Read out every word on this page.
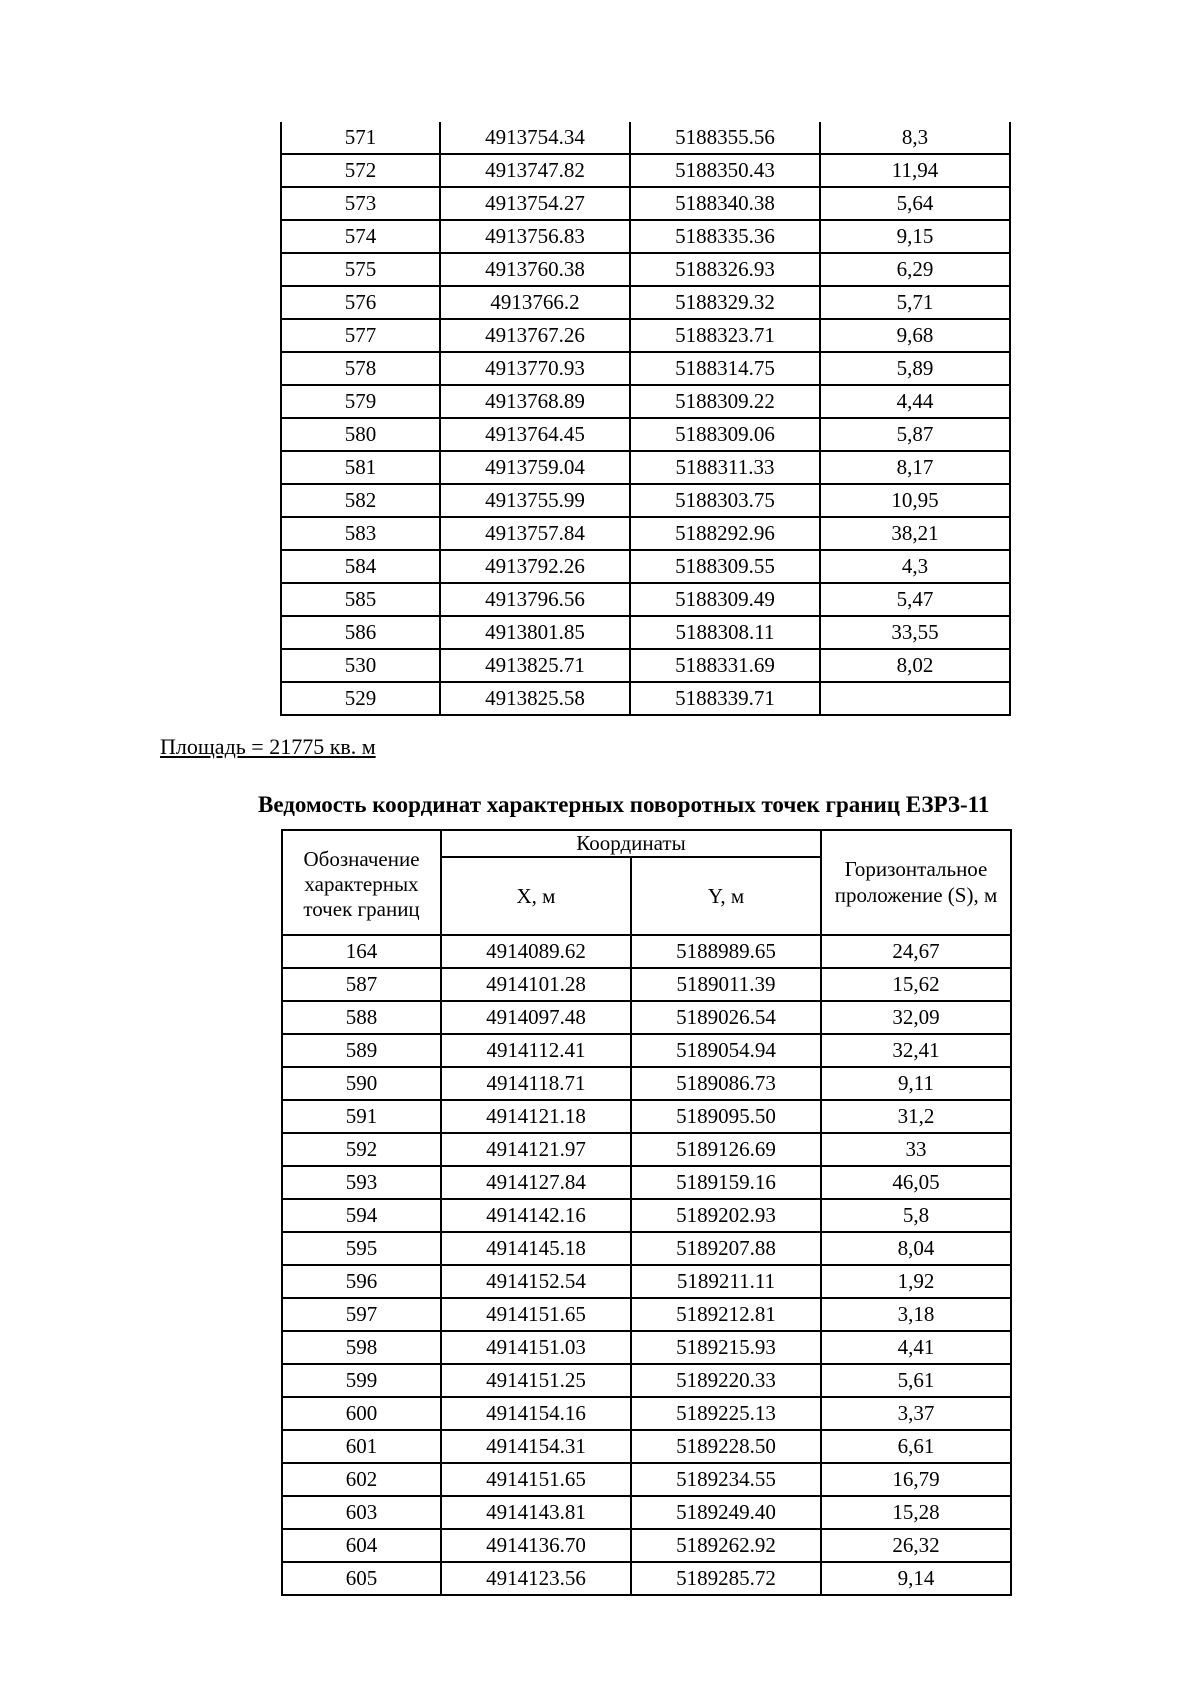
571	4913754.34	5188355.56	8,3
572	4913747.82	5188350.43	11,94
573	4913754.27	5188340.38	5,64
574	4913756.83	5188335.36	9,15
575	4913760.38	5188326.93	6,29
576	4913766.2	5188329.32	5,71
577	4913767.26	5188323.71	9,68
578	4913770.93	5188314.75	5,89
579	4913768.89	5188309.22	4,44
580	4913764.45	5188309.06	5,87
581	4913759.04	5188311.33	8,17
582	4913755.99	5188303.75	10,95
583	4913757.84	5188292.96	38,21
584	4913792.26	5188309.55	4,3
585	4913796.56	5188309.49	5,47
586	4913801.85	5188308.11	33,55
530	4913825.71	5188331.69	8,02
529	4913825.58	5188339.71	
Площадь = 21775 кв. м
Ведомость координат характерных поворотных точек границ ЕЗРЗ-11
Обозначение характерных точек границ	Координаты		Горизонтальное проложение (S), м
	X, м	Y, м	
164	4914089.62	5188989.65	24,67
587	4914101.28	5189011.39	15,62
588	4914097.48	5189026.54	32,09
589	4914112.41	5189054.94	32,41
590	4914118.71	5189086.73	9,11
591	4914121.18	5189095.50	31,2
592	4914121.97	5189126.69	33
593	4914127.84	5189159.16	46,05
594	4914142.16	5189202.93	5,8
595	4914145.18	5189207.88	8,04
596	4914152.54	5189211.11	1,92
597	4914151.65	5189212.81	3,18
598	4914151.03	5189215.93	4,41
599	4914151.25	5189220.33	5,61
600	4914154.16	5189225.13	3,37
601	4914154.31	5189228.50	6,61
602	4914151.65	5189234.55	16,79
603	4914143.81	5189249.40	15,28
604	4914136.70	5189262.92	26,32
605	4914123.56	5189285.72	9,14
